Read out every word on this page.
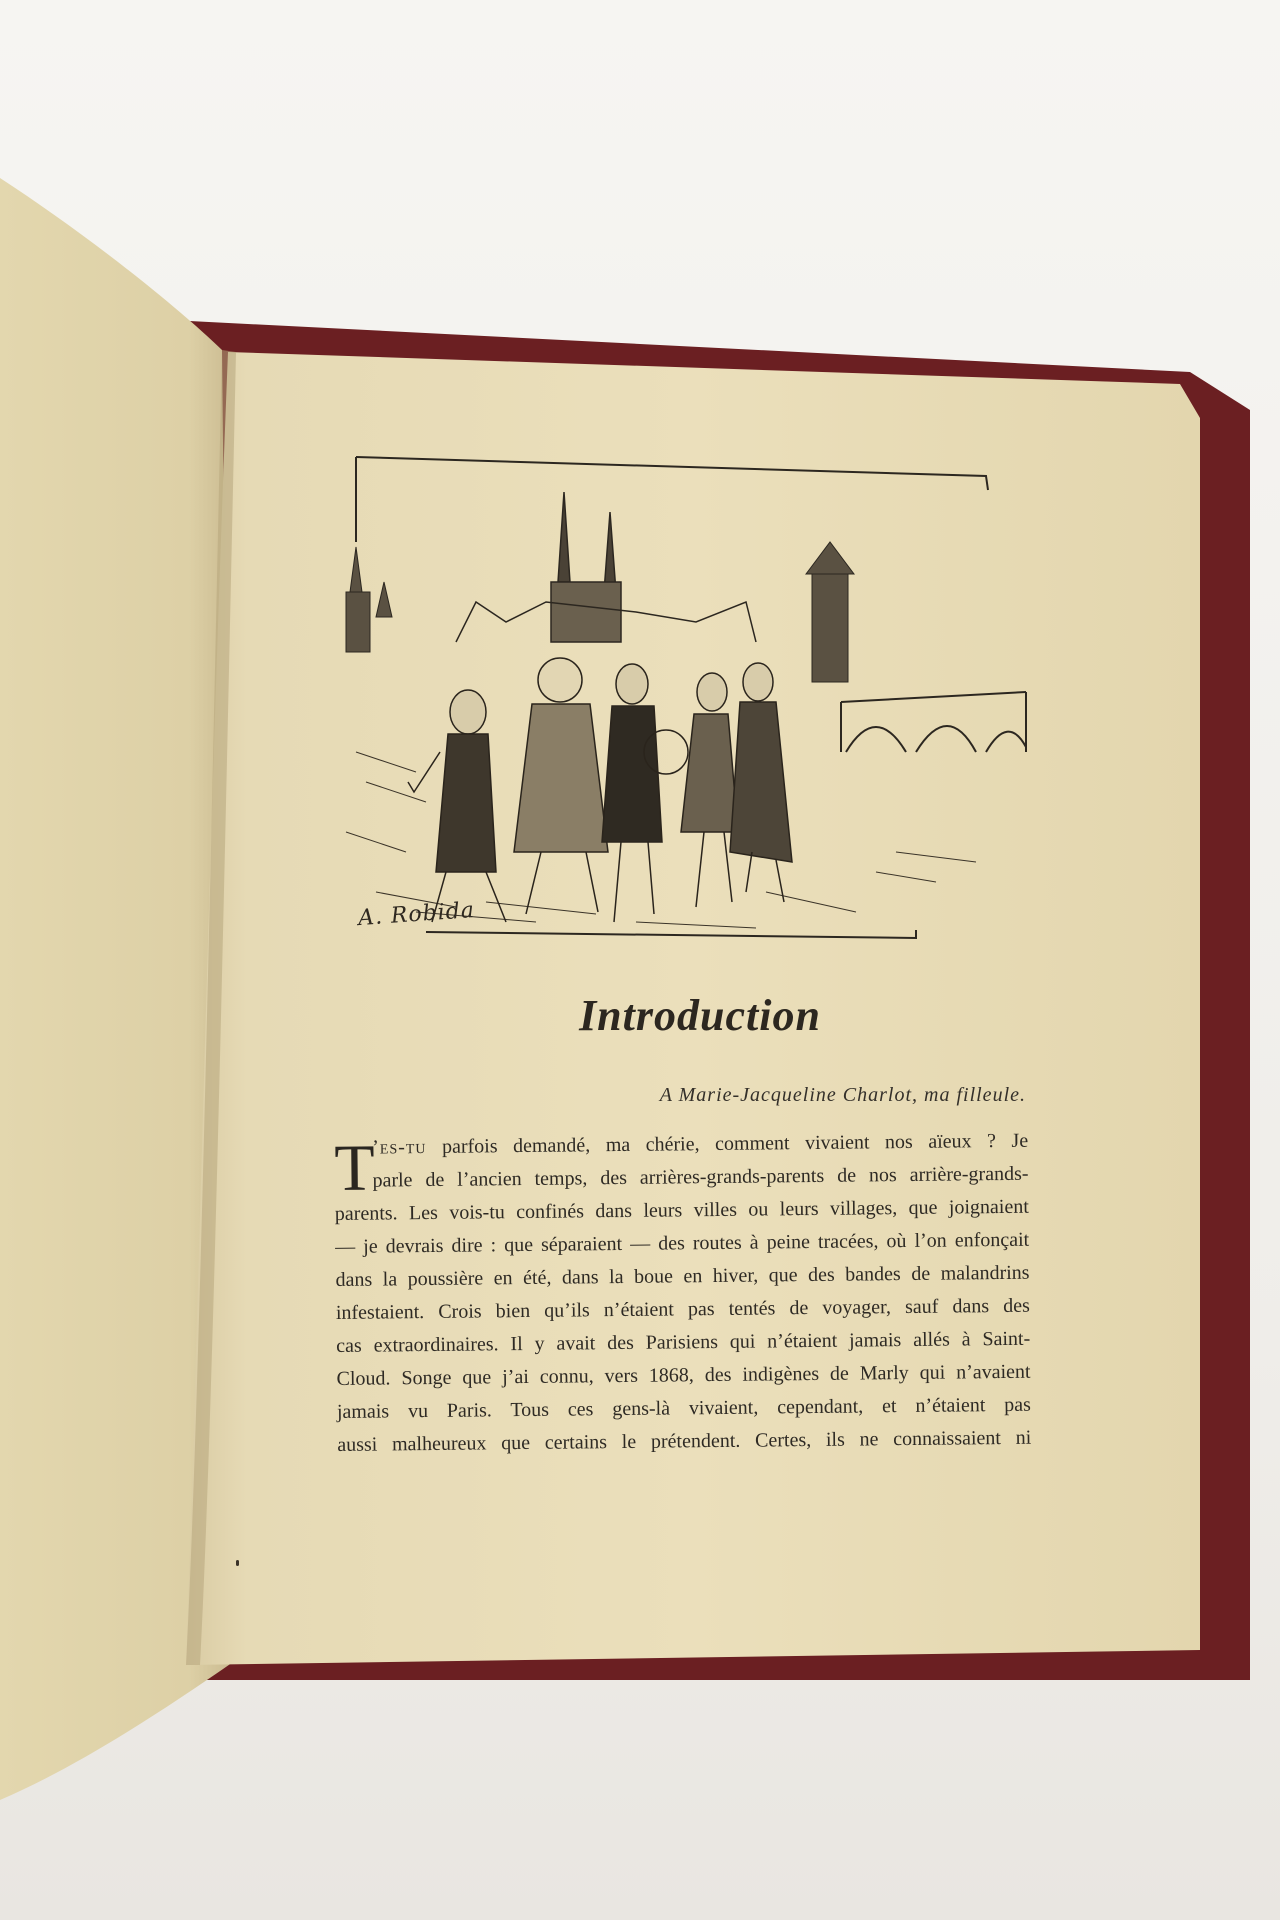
A. Robida
Introduction
A Marie-Jacqueline Charlot, ma filleule.
T
’es-tu parfois demandé, ma chérie, comment vivaient nos aïeux ? Je
parle de l’ancien temps, des arrières-grands-parents de nos arrière-grands-
parents. Les vois-tu confinés dans leurs villes ou leurs villages, que joignaient
— je devrais dire : que séparaient — des routes à peine tracées, où l’on enfonçait
dans la poussière en été, dans la boue en hiver, que des bandes de malandrins
infestaient. Crois bien qu’ils n’étaient pas tentés de voyager, sauf dans des
cas extraordinaires. Il y avait des Parisiens qui n’étaient jamais allés à Saint-
Cloud. Songe que j’ai connu, vers 1868, des indigènes de Marly qui n’avaient
jamais vu Paris. Tous ces gens-là vivaient, cependant, et n’étaient pas
aussi malheureux que certains le prétendent. Certes, ils ne connaissaient ni
